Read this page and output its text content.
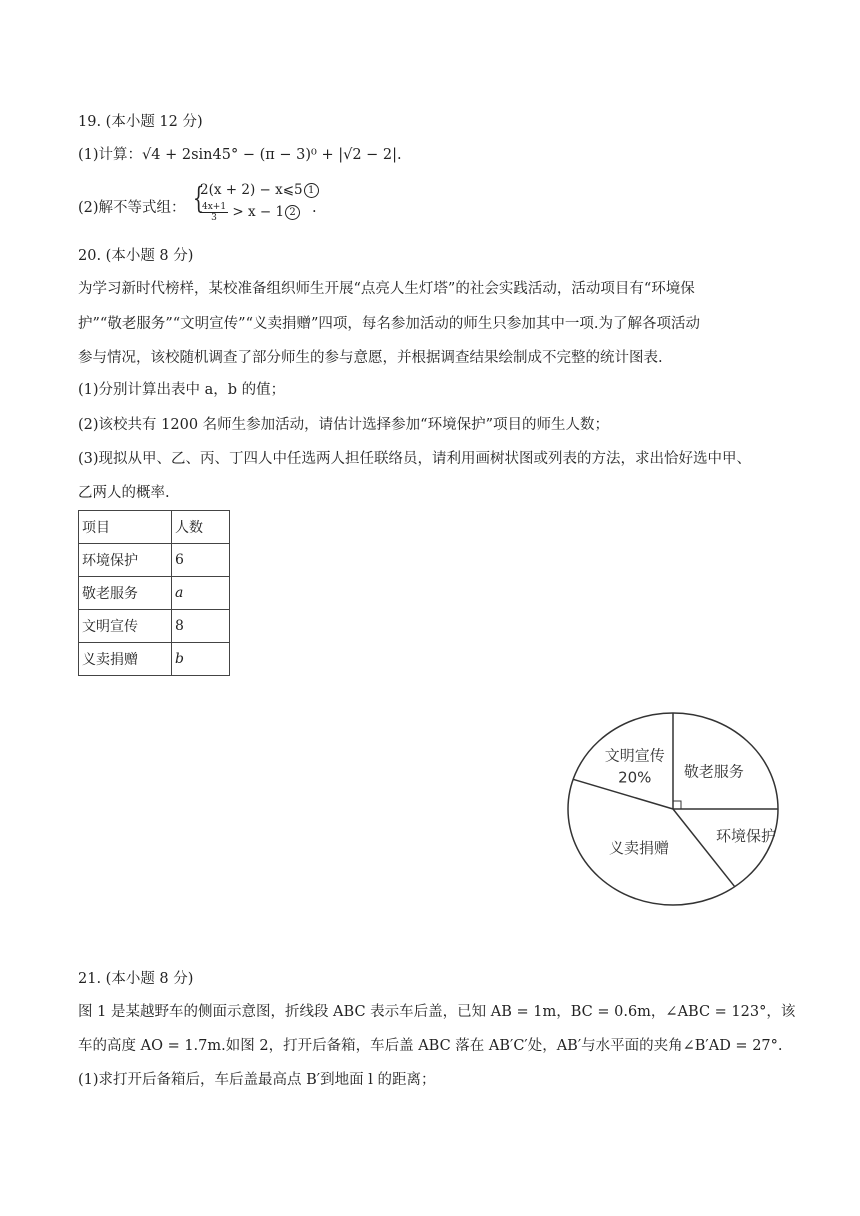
19. (本小题 12 分)
(1)计算：√4 + 2sin45° − (π − 3)⁰ + |√2 − 2|.
(2)解不等式组： {
2(x + 2) − x⩽5 1
$\frac{4x+1}{3} > x - 1$ 2 .
20. (本小题 8 分)
为学习新时代榜样，某校准备组织师生开展“点亮人生灯塔”的社会实践活动，活动项目有“环境保
护”“敬老服务”“文明宣传”“义卖捐赠”四项，每名参加活动的师生只参加其中一项.为了解各项活动
参与情况，该校随机调查了部分师生的参与意愿，并根据调查结果绘制成不完整的统计图表.
(1)分别计算出表中 a，b 的值；
(2)该校共有 1200 名师生参加活动，请估计选择参加“环境保护”项目的师生人数；
(3)现拟从甲、乙、丙、丁四人中任选两人担任联络员，请利用画树状图或列表的方法，求出恰好选中甲、
乙两人的概率.
项目	人数
环境保护	6
敬老服务	a
文明宣传	8
义卖捐赠	b
敬老服务
环境保护
义卖捐赠
文明宣传
20%
21. (本小题 8 分)
图 1 是某越野车的侧面示意图，折线段 ABC 表示车后盖，已知 AB = 1m，BC = 0.6m，∠ABC = 123°，该
车的高度 AO = 1.7m.如图 2，打开后备箱，车后盖 ABC 落在 AB′C′处，AB′与水平面的夹角∠B′AD = 27°.
(1)求打开后备箱后，车后盖最高点 B′到地面 l 的距离；
